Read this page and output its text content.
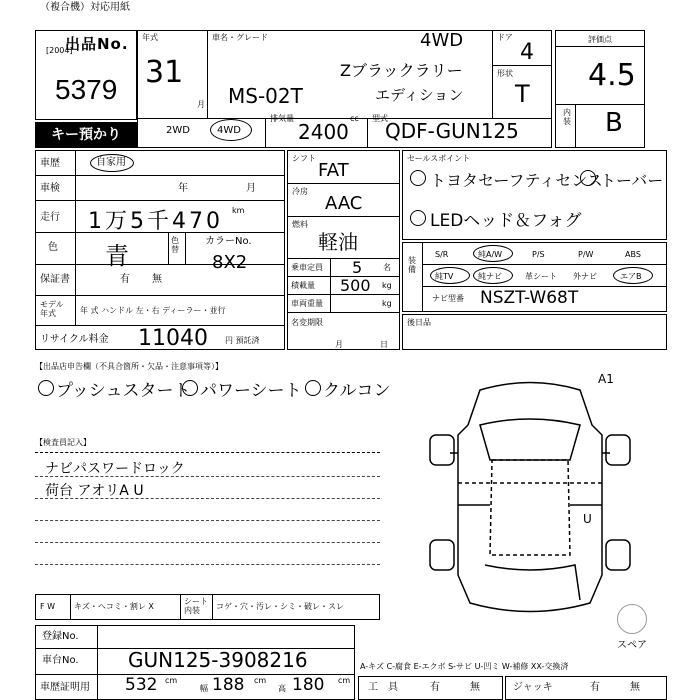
（複合機）対応用紙
出品No.
[2004]
5379
キー預かり
年式
31
月
車名・グレード	4WD
Zブラックラリー
エディション
MS-02T
ドア
4
形状
T
2WD	4WD
排気量	cc
2400
型式
QDF-GUN125
評価点
4.5
内装 B
車歴	自家用
車検	年	月
走行 1万5千470 km
色 青
色替
カラーNo.
8X2
保証書	有 無
モデル年式	年 式 ハンドル 左・右 ディーラー・並行
リサイクル料金 11040 円 預託済
シフト
FAT
冷房
AAC
燃料
軽油
乗車定員 5	名
積載量 500 kg
車両重量	kg
名変期限
月	日
セールスポイント
トヨタセーフティセンス
トーバー
LEDヘッド＆フォグ
装備
S/R	純A/W	P/S	P/W	ABS
純TV	純ナビ	革シート 外ナビ	エアB
ナビ型番 NSZT-W68T
後日品
【出品店申告欄（不具合箇所・欠品・注意事項等）】
プッシュスタート パワーシート クルコン
【検査員記入】
ナビパスワードロック
荷台 アオリA U
A1
U
スペア
F W キズ・ヘコミ・割レ X
シート内装	コゲ・穴・汚レ・シミ・破レ・スレ
登録No.
車台No. GUN125-3908216
車歴証明用 532 cm
幅 188 cm
高 180 cm
A-キズ C-腐食 E-エクボ S-サビ U-凹ミ W-補修 XX-交換済
工　具	有	無	ジャッキ	有	無
